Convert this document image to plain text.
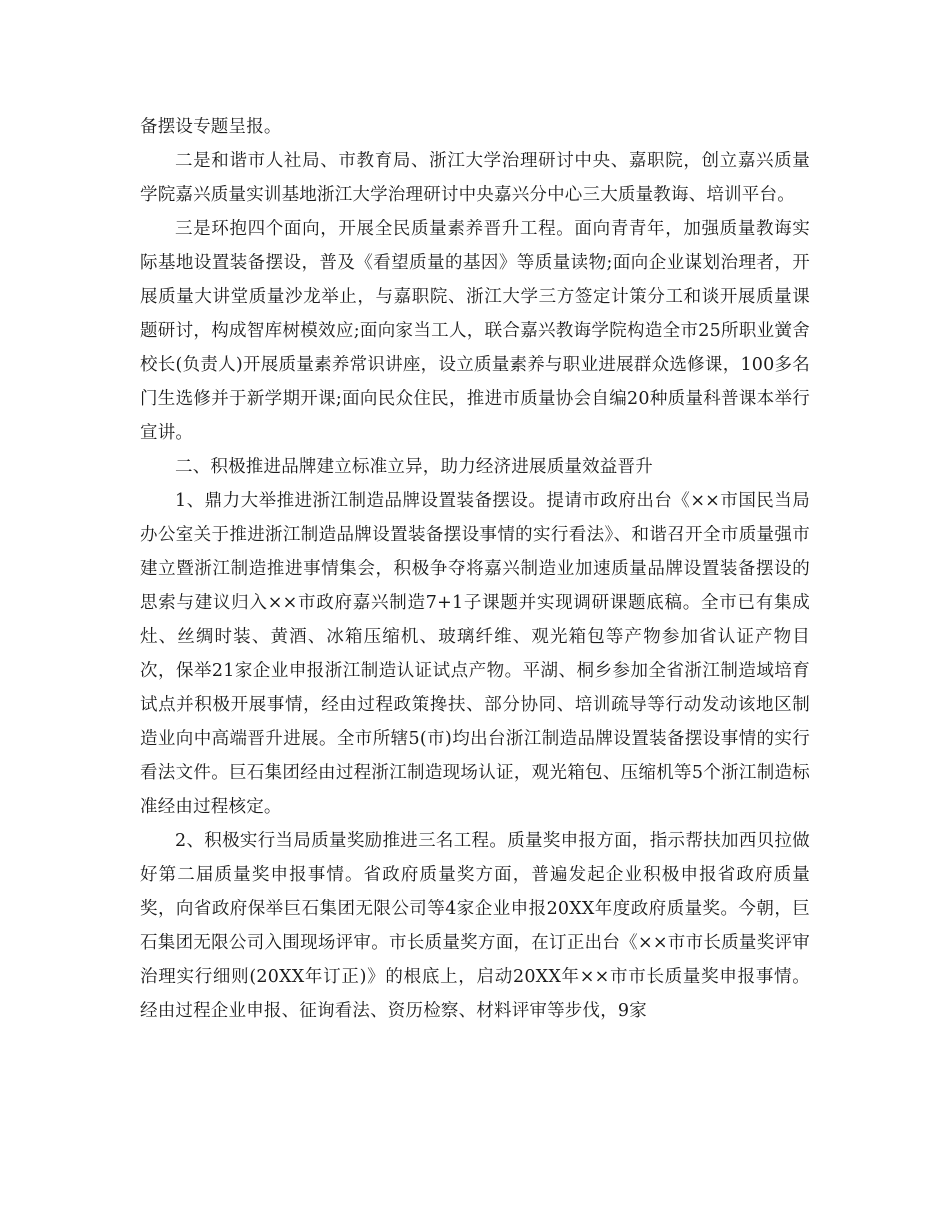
备摆设专题呈报。

二是和谐市人社局、市教育局、浙江大学治理研讨中央、嘉职院，创立嘉兴质量学院嘉兴质量实训基地浙江大学治理研讨中央嘉兴分中心三大质量教诲、培训平台。

三是环抱四个面向，开展全民质量素养晋升工程。面向青青年，加强质量教诲实际基地设置装备摆设，普及《看望质量的基因》等质量读物;面向企业谋划治理者，开展质量大讲堂质量沙龙举止，与嘉职院、浙江大学三方签定计策分工和谈开展质量课题研讨，构成智库树模效应;面向家当工人，联合嘉兴教诲学院构造全市25所职业黉舍校长(负责人)开展质量素养常识讲座，设立质量素养与职业进展群众选修课，100多名门生选修并于新学期开课;面向民众住民，推进市质量协会自编20种质量科普课本举行宣讲。

二、积极推进品牌建立标准立异，助力经济进展质量效益晋升

1、鼎力大举推进浙江制造品牌设置装备摆设。提请市政府出台《××市国民当局办公室关于推进浙江制造品牌设置装备摆设事情的实行看法》、和谐召开全市质量强市建立暨浙江制造推进事情集会，积极争夺将嘉兴制造业加速质量品牌设置装备摆设的思索与建议归入××市政府嘉兴制造7+1子课题并实现调研课题底稿。全市已有集成灶、丝绸时装、黄酒、冰箱压缩机、玻璃纤维、观光箱包等产物参加省认证产物目次，保举21家企业申报浙江制造认证试点产物。平湖、桐乡参加全省浙江制造域培育试点并积极开展事情，经由过程政策搀扶、部分协同、培训疏导等行动发动该地区制造业向中高端晋升进展。全市所辖5(市)均出台浙江制造品牌设置装备摆设事情的实行看法文件。巨石集团经由过程浙江制造现场认证，观光箱包、压缩机等5个浙江制造标准经由过程核定。

2、积极实行当局质量奖励推进三名工程。质量奖申报方面，指示帮扶加西贝拉做好第二届质量奖申报事情。省政府质量奖方面，普遍发起企业积极申报省政府质量奖，向省政府保举巨石集团无限公司等4家企业申报20XX年度政府质量奖。今朝，巨石集团无限公司入围现场评审。市长质量奖方面，在订正出台《××市市长质量奖评审治理实行细则(20XX年订正)》的根底上，启动20XX年××市市长质量奖申报事情。经由过程企业申报、征询看法、资历检察、材料评审等步伐，9家
